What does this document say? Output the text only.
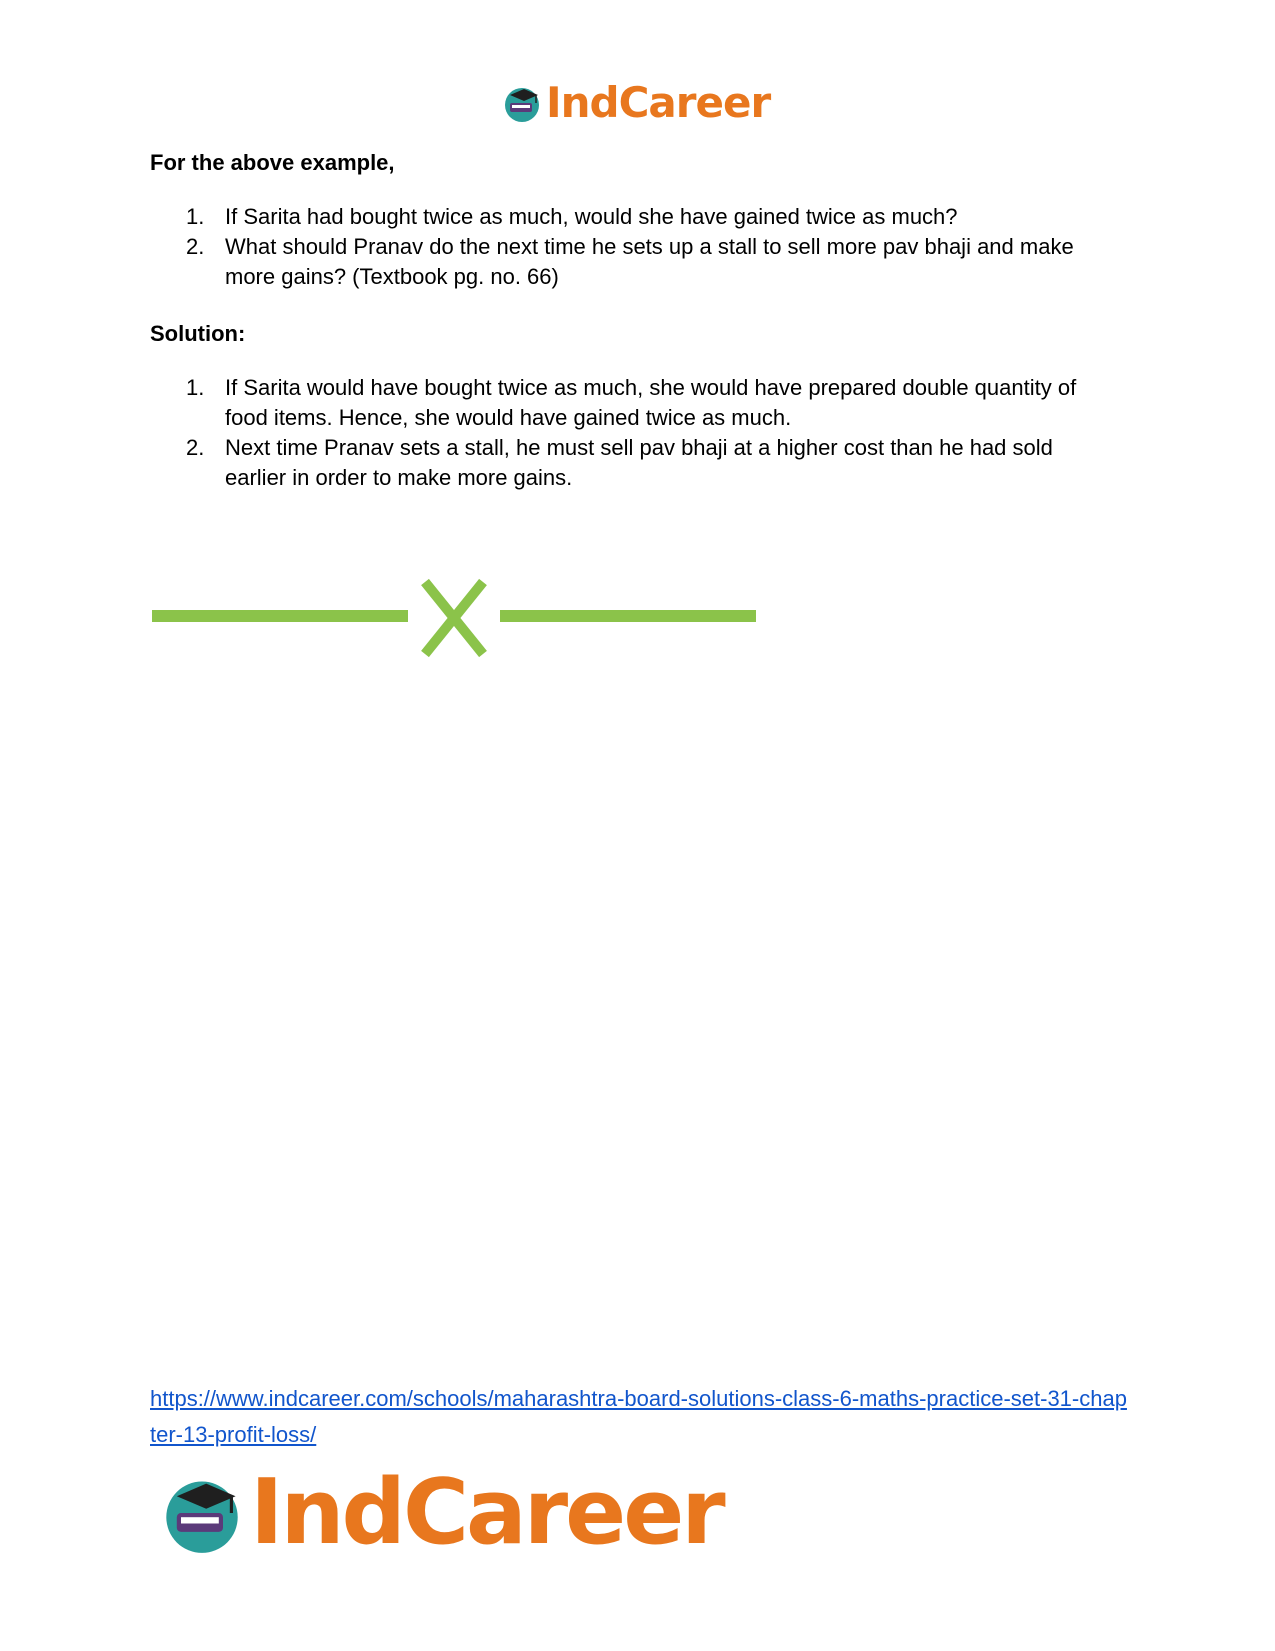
IndCareer

For the above example,

1. If Sarita had bought twice as much, would she have gained twice as much?
2. What should Pranav do the next time he sets up a stall to sell more pav bhaji and make more gains? (Textbook pg. no. 66)

Solution:

1. If Sarita would have bought twice as much, she would have prepared double quantity of food items. Hence, she would have gained twice as much.
2. Next time Pranav sets a stall, he must sell pav bhaji at a higher cost than he had sold earlier in order to make more gains.
https://www.indcareer.com/schools/maharashtra-board-solutions-class-6-maths-practice-set-31-chapter-13-profit-loss/
IndCareer
